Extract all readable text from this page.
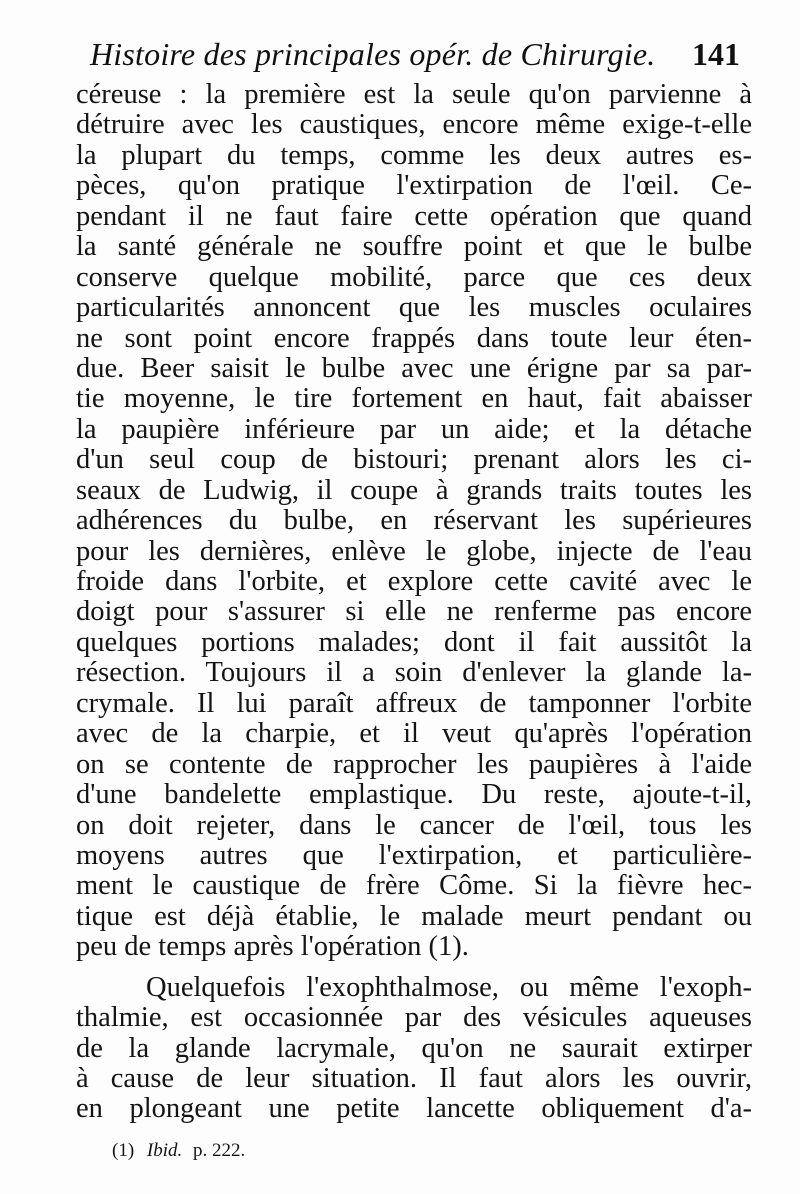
Histoire des principales opér. de Chirurgie. 141
céreuse : la première est la seule qu'on parvienne à
détruire avec les caustiques, encore même exige-t-elle
la plupart du temps, comme les deux autres es-
pèces, qu'on pratique l'extirpation de l'œil. Ce-
pendant il ne faut faire cette opération que quand
la santé générale ne souffre point et que le bulbe
conserve quelque mobilité, parce que ces deux
particularités annoncent que les muscles oculaires
ne sont point encore frappés dans toute leur éten-
due. Beer saisit le bulbe avec une érigne par sa par-
tie moyenne, le tire fortement en haut, fait abaisser
la paupière inférieure par un aide; et la détache
d'un seul coup de bistouri; prenant alors les ci-
seaux de Ludwig, il coupe à grands traits toutes les
adhérences du bulbe, en réservant les supérieures
pour les dernières, enlève le globe, injecte de l'eau
froide dans l'orbite, et explore cette cavité avec le
doigt pour s'assurer si elle ne renferme pas encore
quelques portions malades; dont il fait aussitôt la
résection. Toujours il a soin d'enlever la glande la-
crymale. Il lui paraît affreux de tamponner l'orbite
avec de la charpie, et il veut qu'après l'opération
on se contente de rapprocher les paupières à l'aide
d'une bandelette emplastique. Du reste, ajoute-t-il,
on doit rejeter, dans le cancer de l'œil, tous les
moyens autres que l'extirpation, et particulière-
ment le caustique de frère Côme. Si la fièvre hec-
tique est déjà établie, le malade meurt pendant ou
peu de temps après l'opération (1).
Quelquefois l'exophthalmose, ou même l'exoph-
thalmie, est occasionnée par des vésicules aqueuses
de la glande lacrymale, qu'on ne saurait extirper
à cause de leur situation. Il faut alors les ouvrir,
en plongeant une petite lancette obliquement d'a-
(1) Ibid. p. 222.
